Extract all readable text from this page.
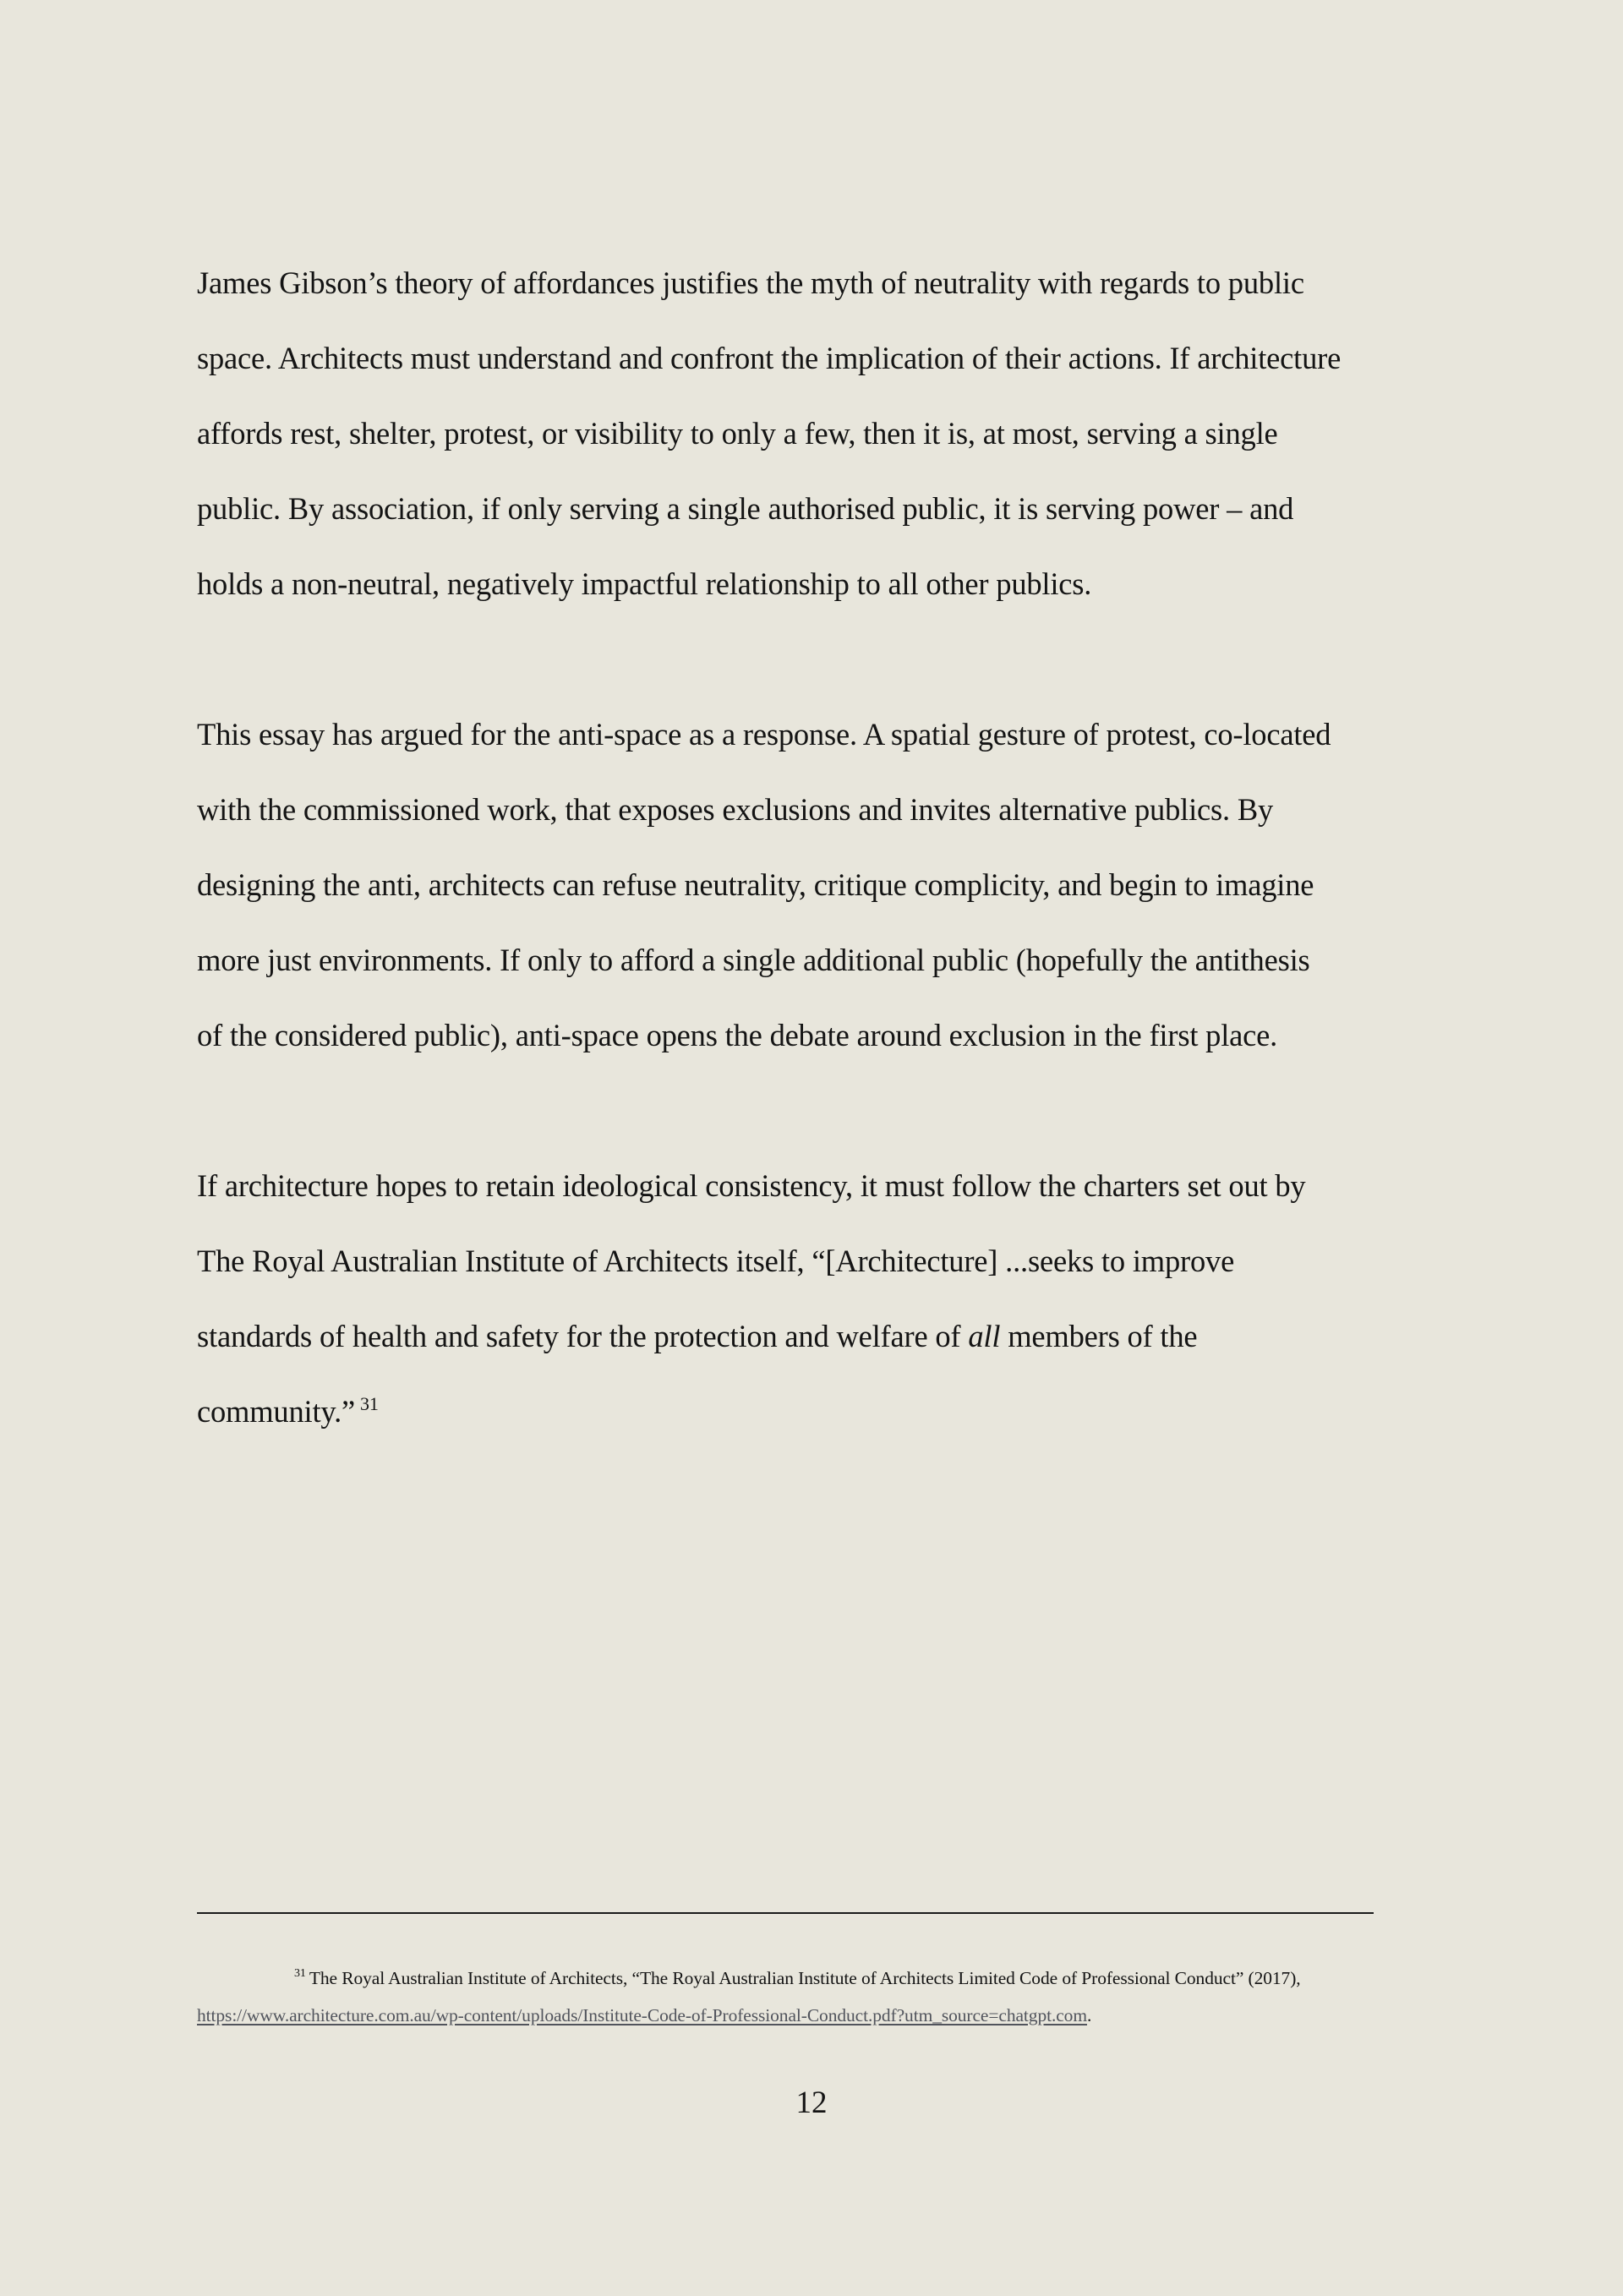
James Gibson’s theory of affordances justifies the myth of neutrality with regards to public
space. Architects must understand and confront the implication of their actions. If architecture
affords rest, shelter, protest, or visibility to only a few, then it is, at most, serving a single
public. By association, if only serving a single authorised public, it is serving power – and
holds a non-neutral, negatively impactful relationship to all other publics.

This essay has argued for the anti-space as a response. A spatial gesture of protest, co-located
with the commissioned work, that exposes exclusions and invites alternative publics. By
designing the anti, architects can refuse neutrality, critique complicity, and begin to imagine
more just environments. If only to afford a single additional public (hopefully the antithesis
of the considered public), anti-space opens the debate around exclusion in the first place.

If architecture hopes to retain ideological consistency, it must follow the charters set out by
The Royal Australian Institute of Architects itself, “[Architecture] ...seeks to improve
standards of health and safety for the protection and welfare of all members of the
community.” $^{31}$

$^{31}$ The Royal Australian Institute of Architects, “The Royal Australian Institute of Architects Limited Code of Professional Conduct” (2017),
https://www.architecture.com.au/wp-content/uploads/Institute-Code-of-Professional-Conduct.pdf?utm_source=chatgpt.com.
12
